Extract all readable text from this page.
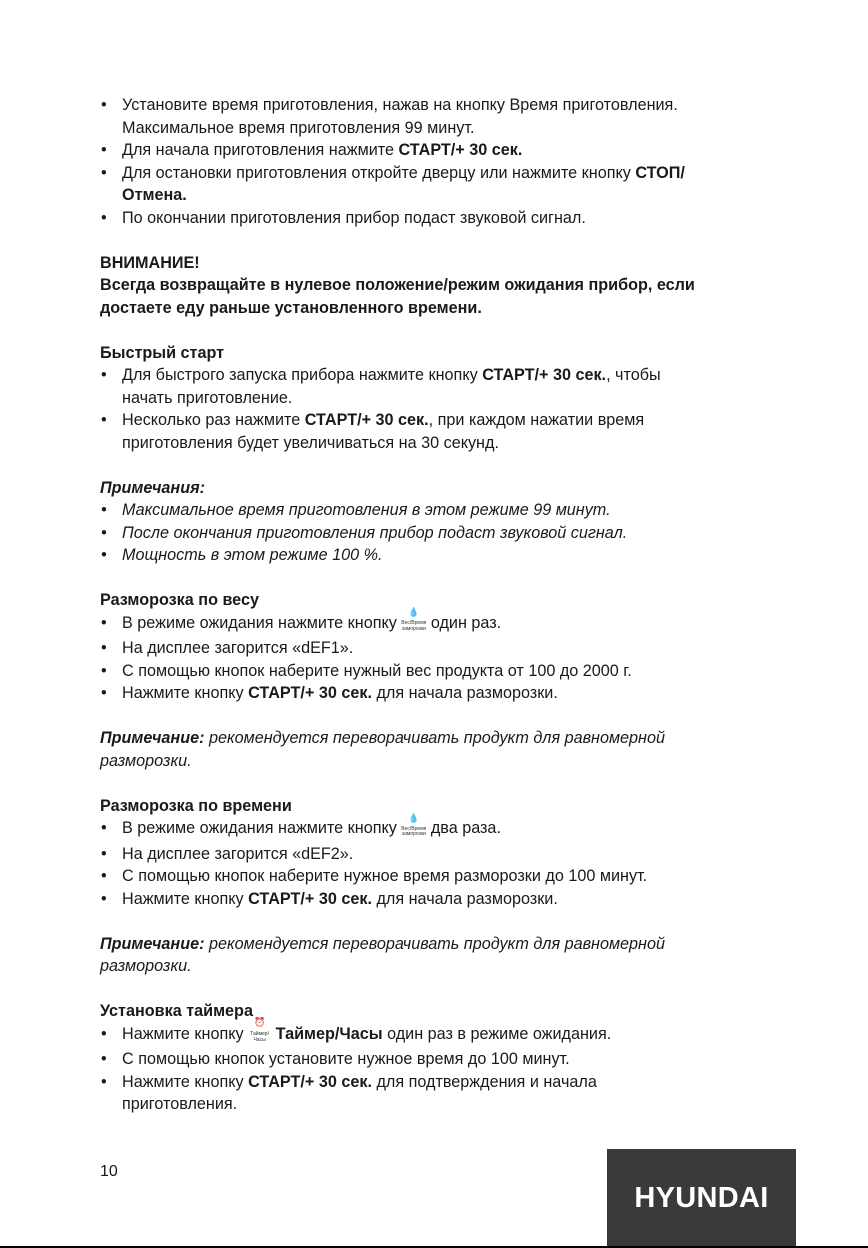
• Установите время приготовления, нажав на кнопку Время приготовления.
Максимальное время приготовления 99 минут.
• Для начала приготовления нажмите СТАРТ/+ 30 сек.
• Для остановки приготовления откройте дверцу или нажмите кнопку СТОП/
Отмена.
• По окончании приготовления прибор подаст звуковой сигнал.
ВНИМАНИЕ!
Всегда возвращайте в нулевое положение/режим ожидания прибор, если
достаете еду раньше установленного времени.
Быстрый старт
• Для быстрого запуска прибора нажмите кнопку СТАРТ/+ 30 сек., чтобы
начать приготовление.
• Несколько раз нажмите СТАРТ/+ 30 сек., при каждом нажатии время
приготовления будет увеличиваться на 30 секунд.
Примечания:
• Максимальное время приготовления в этом режиме 99 минут.
• После окончания приготовления прибор подаст звуковой сигнал.
• Мощность в этом режиме 100 %.
Разморозка по весу
• В режиме ожидания нажмите кнопку
💧
Вес/Время
заморозки один раз.
• На дисплее загорится «dEF1».
• С помощью кнопок наберите нужный вес продукта от 100 до 2000 г.
• Нажмите кнопку СТАРТ/+ 30 сек. для начала разморозки.
Примечание: рекомендуется переворачивать продукт для равномерной
разморозки.
Разморозка по времени
• В режиме ожидания нажмите кнопку
💧
Вес/Время
заморозки два раза.
• На дисплее загорится «dEF2».
• С помощью кнопок наберите нужное время разморозки до 100 минут.
• Нажмите кнопку СТАРТ/+ 30 сек. для начала разморозки.
Примечание: рекомендуется переворачивать продукт для равномерной
разморозки.
Установка таймера
• Нажмите кнопку
⏰
Таймер/
Часы Таймер/Часы один раз в режиме ожидания.
• С помощью кнопок установите нужное время до 100 минут.
• Нажмите кнопку СТАРТ/+ 30 сек. для подтверждения и начала
приготовления.
10
HYUNDAI
